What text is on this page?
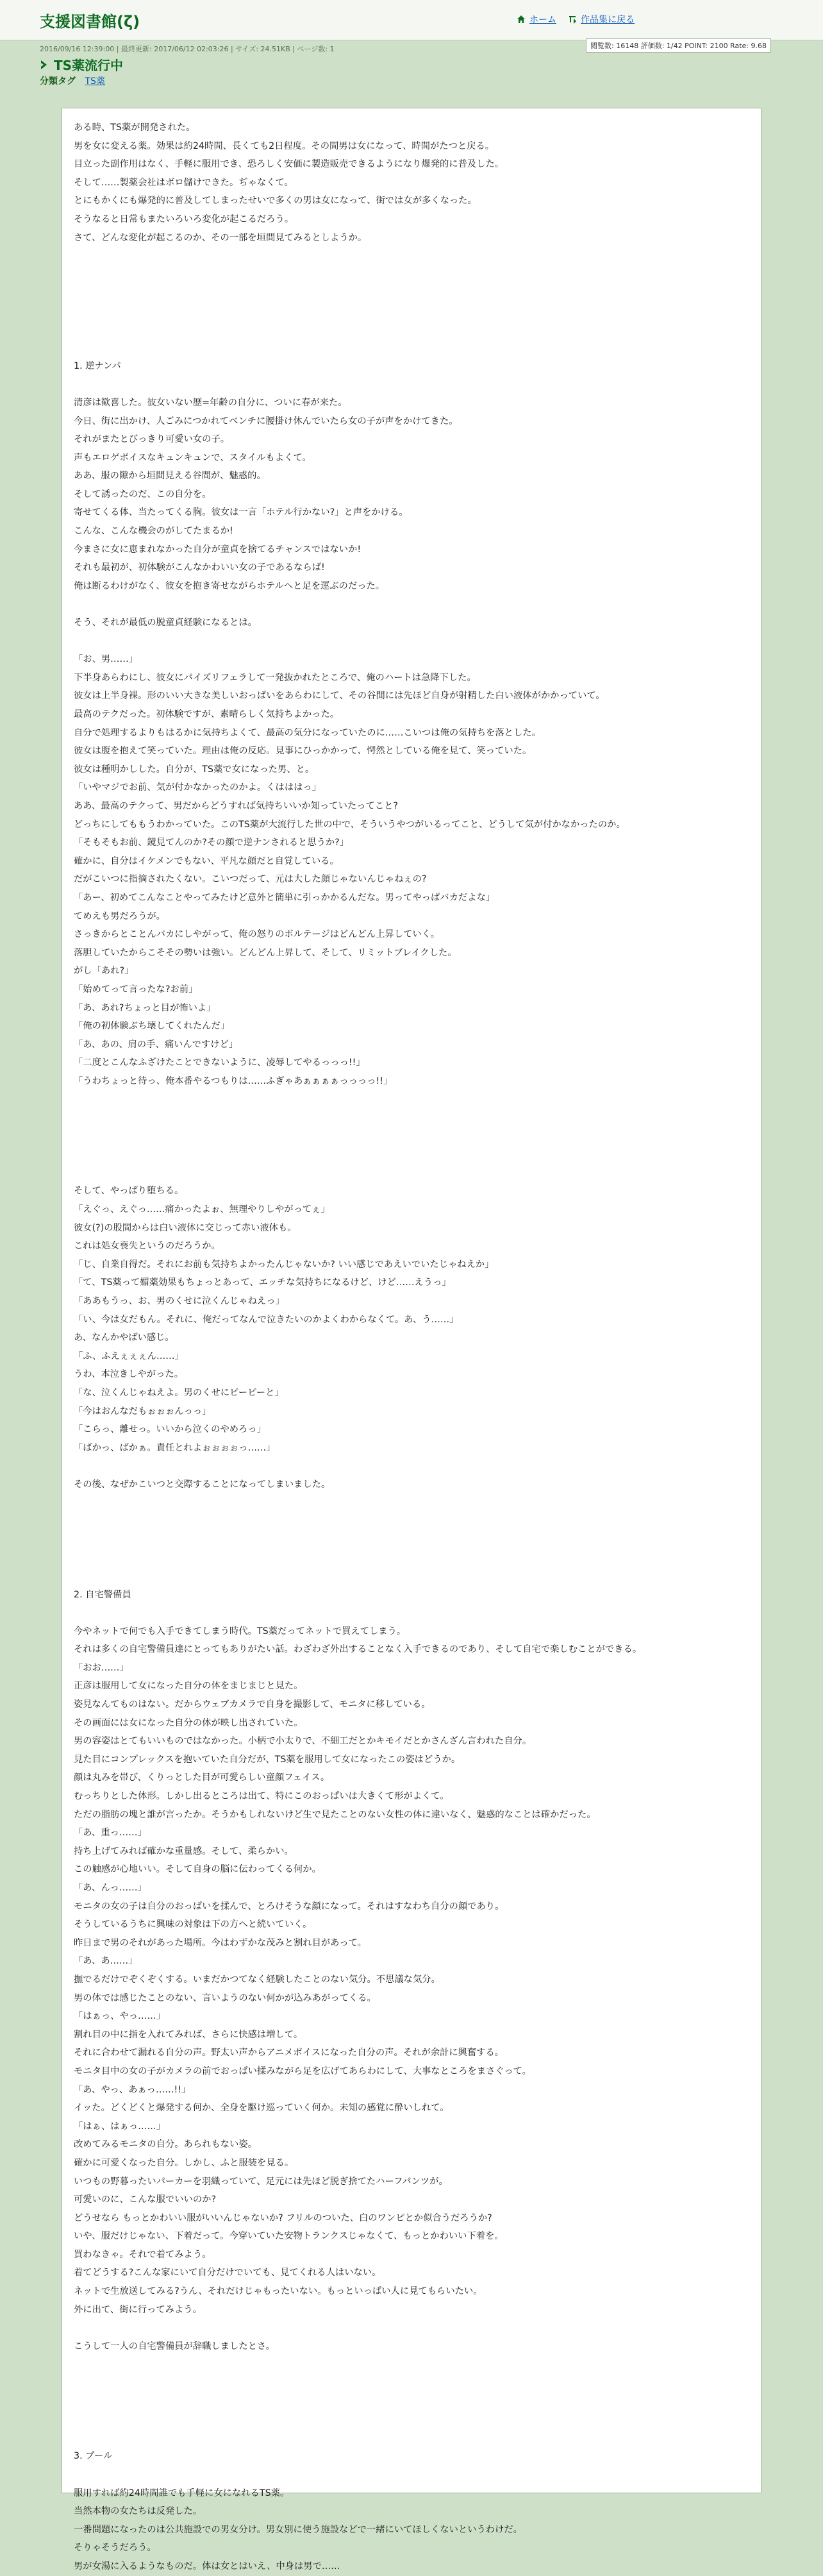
支援図書館(ζ)	ホーム	作品集に戻る
閲覧数: 16148 評価数: 1/42 POINT: 2100 Rate: 9.68
2016/09/16 12:39:00 | 最終更新: 2017/06/12 02:03:26 | サイズ: 24.51KB | ページ数: 1
TS薬流行中
分類タグ TS薬
ある時、TS薬が開発された。
男を女に変える薬。効果は約24時間、長くても2日程度。その間男は女になって、時間がたつと戻る。
目立った副作用はなく、手軽に服用でき、恐ろしく安価に製造販売できるようになり爆発的に普及した。
そして……製薬会社はボロ儲けできた。ぢゃなくて。
とにもかくにも爆発的に普及してしまったせいで多くの男は女になって、街では女が多くなった。
そうなると日常もまたいろいろ変化が起こるだろう。
さて、どんな変化が起こるのか、その一部を垣間見てみるとしようか。
1. 逆ナンパ
清彦は歓喜した。彼女いない歴=年齢の自分に、ついに春が来た。
今日、街に出かけ、人ごみにつかれてベンチに腰掛け休んでいたら女の子が声をかけてきた。
それがまたとびっきり可愛い女の子。
声もエロゲボイスなキュンキュンで、スタイルもよくて。
ああ、服の隙から垣間見える谷間が、魅惑的。
そして誘ったのだ、この自分を。
寄せてくる体、当たってくる胸。彼女は一言「ホテル行かない?」と声をかける。
こんな、こんな機会のがしてたまるか!
今まさに女に恵まれなかった自分が童貞を捨てるチャンスではないか!
それも最初が、初体験がこんなかわいい女の子であるならば!
俺は断るわけがなく、彼女を抱き寄せながらホテルへと足を運ぶのだった。
そう、それが最低の脱童貞経験になるとは。
「お、男……」
下半身あらわにし、彼女にパイズリフェラして一発抜かれたところで、俺のハートは急降下した。
彼女は上半身裸。形のいい大きな美しいおっぱいをあらわにして、その谷間には先ほど自身が射精した白い液体がかかっていて。
最高のテクだった。初体験ですが、素晴らしく気持ちよかった。
自分で処理するよりもはるかに気持ちよくて、最高の気分になっていたのに……こいつは俺の気持ちを落とした。
彼女は腹を抱えて笑っていた。理由は俺の反応。見事にひっかかって、愕然としている俺を見て、笑っていた。
彼女は種明かしした。自分が、TS薬で女になった男、と。
「いやマジでお前、気が付かなかったのかよ。くはははっ」
ああ、最高のテクって、男だからどうすれば気持ちいいか知っていたってこと?
どっちにしてももうわかっていた。このTS薬が大流行した世の中で、そういうやつがいるってこと、どうして気が付かなかったのか。
「そもそもお前、鏡見てんのか?その顔で逆ナンされると思うか?」
確かに、自分はイケメンでもない、平凡な顔だと自覚している。
だがこいつに指摘されたくない。こいつだって、元は大した顔じゃないんじゃねぇの?
「あー、初めてこんなことやってみたけど意外と簡単に引っかかるんだな。男ってやっぱバカだよな」
てめえも男だろうが。
さっきからとことんバカにしやがって、俺の怒りのボルテージはどんどん上昇していく。
落胆していたからこそその勢いは強い。どんどん上昇して、そして、リミットブレイクした。
がし「あれ?」
「始めてって言ったな?お前」
「あ、あれ?ちょっと目が怖いよ」
「俺の初体験ぶち壊してくれたんだ」
「あ、あの、肩の手、痛いんですけど」
「二度とこんなふざけたことできないように、凌辱してやるっっっ!!」
「うわちょっと待っ、俺本番やるつもりは……ふぎゃあぁぁぁぁっっっっ!!」
そして、やっぱり堕ちる。
「えぐっ、えぐっ……痛かったよぉ、無理やりしやがってぇ」
彼女(?)の股間からは白い液体に交じって赤い液体も。
これは処女喪失というのだろうか。
「じ、自業自得だ。それにお前も気持ちよかったんじゃないか? いい感じであえいでいたじゃねえか」
「て、TS薬って媚薬効果もちょっとあって、エッチな気持ちになるけど、けど……えうっ」
「ああもうっ、お、男のくせに泣くんじゃねえっ」
「い、今は女だもん。それに、俺だってなんで泣きたいのかよくわからなくて。あ、う……」
あ、なんかやばい感じ。
「ふ、ふえぇぇぇん……」
うわ、本泣きしやがった。
「な、泣くんじゃねえよ。男のくせにピーピーと」
「今はおんなだもぉぉぉんっっ」
「こらっ、離せっ。いいから泣くのやめろっ」
「ばかっ、ばかぁ。責任とれよぉぉぉぉっ……」
その後、なぜかこいつと交際することになってしまいました。
2. 自宅警備員
今やネットで何でも入手できてしまう時代。TS薬だってネットで買えてしまう。
それは多くの自宅警備員達にとってもありがたい話。わざわざ外出することなく入手できるのであり、そして自宅で楽しむことができる。
「おお……」
正彦は服用して女になった自分の体をまじまじと見た。
姿見なんてものはない。だからウェブカメラで自身を撮影して、モニタに移している。
その画面には女になった自分の体が映し出されていた。
男の容姿はとてもいいものではなかった。小柄で小太りで、不細工だとかキモイだとかさんざん言われた自分。
見た目にコンプレックスを抱いていた自分だが、TS薬を服用して女になったこの姿はどうか。
顔は丸みを帯び、くりっとした目が可愛らしい童顔フェイス。
むっちりとした体形。しかし出るところは出て、特にこのおっぱいは大きくて形がよくて。
ただの脂肪の塊と誰が言ったか。そうかもしれないけど生で見たことのない女性の体に違いなく、魅惑的なことは確かだった。
「あ、重っ……」
持ち上げてみれば確かな重量感。そして、柔らかい。
この触感が心地いい。そして自身の脳に伝わってくる何か。
「あ、んっ……」
モニタの女の子は自分のおっぱいを揉んで、とろけそうな顔になって。それはすなわち自分の顔であり。
そうしているうちに興味の対象は下の方へと続いていく。
昨日まで男のそれがあった場所。今はわずかな茂みと割れ目があって。
「あ、あ……」
撫でるだけでぞくぞくする。いまだかつてなく経験したことのない気分。不思議な気分。
男の体では感じたことのない、言いようのない何かが込みあがってくる。
「はぁっ、やっ……」
割れ目の中に指を入れてみれば、さらに快感は増して。
それに合わせて漏れる自分の声。野太い声からアニメボイスになった自分の声。それが余計に興奮する。
モニタ目中の女の子がカメラの前でおっぱい揉みながら足を広げてあらわにして、大事なところをまさぐって。
「あ、やっ、あぁっ……!!」
イッた。どくどくと爆発する何か、全身を駆け巡っていく何か。未知の感覚に酔いしれて。
「はぁ、はぁっ……」
改めてみるモニタの自分。あられもない姿。
確かに可愛くなった自分。しかし、ふと服装を見る。
いつもの野暮ったいパーカーを羽織っていて、足元には先ほど脱ぎ捨てたハーフパンツが。
可愛いのに、こんな服でいいのか?
どうせなら もっとかわいい服がいいんじゃないか? フリルのついた、白のワンピとか似合うだろうか?
いや、服だけじゃない、下着だって。今穿いていた安物トランクスじゃなくて、もっとかわいい下着を。
買わなきゃ。それで着てみよう。
着てどうする?こんな家にいて自分だけでいても、見てくれる人はいない。
ネットで生放送してみる?うん、それだけじゃもったいない。もっといっぱい人に見てもらいたい。
外に出て、街に行ってみよう。
こうして一人の自宅警備員が辞職しましたとさ。
3. プール
服用すれば約24時間誰でも手軽に女になれるTS薬。
当然本物の女たちは反発した。
一番問題になったのは公共施設での男女分け。男女別に使う施設などで一緒にいてほしくないというわけだ。
そりゃそうだろう。
男が女湯に入るようなものだ。体は女とはいえ、中身は男で……
